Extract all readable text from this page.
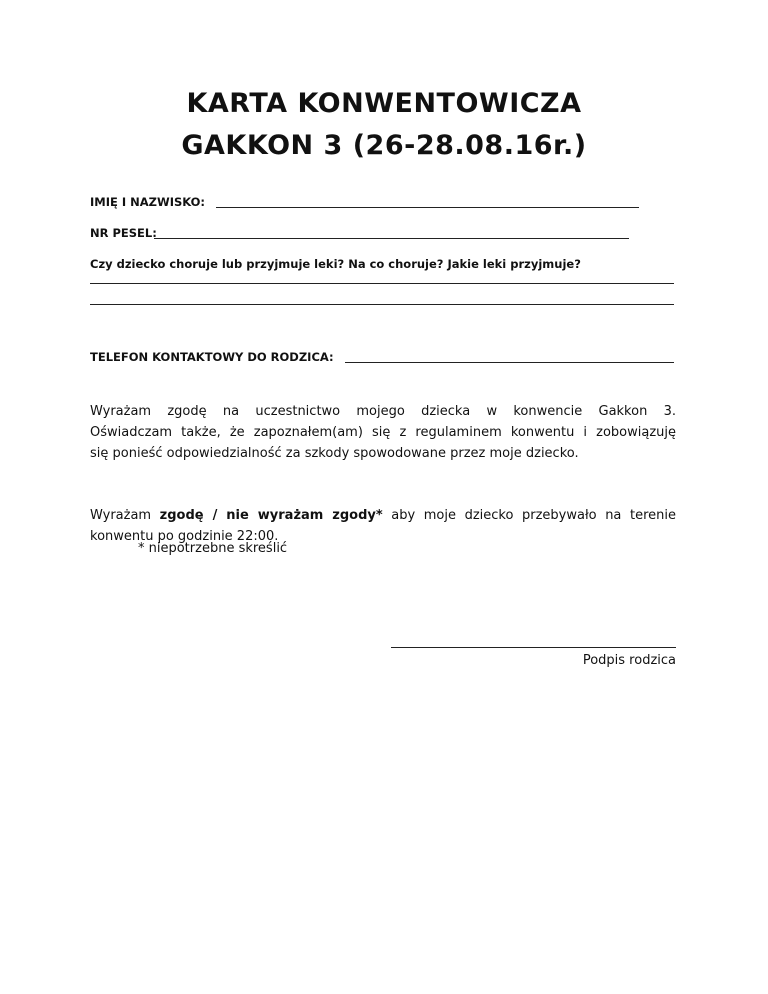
KARTA KONWENTOWICZA
GAKKON 3 (26-28.08.16r.)
IMIĘ I NAZWISKO:
NR PESEL:
Czy dziecko choruje lub przyjmuje leki? Na co choruje? Jakie leki przyjmuje?
TELEFON KONTAKTOWY DO RODZICA:
Wyrażam zgodę na uczestnictwo mojego dziecka w konwencie Gakkon 3.
Oświadczam także, że zapoznałem(am) się z regulaminem konwentu i zobowiązuję
się ponieść odpowiedzialność za szkody spowodowane przez moje dziecko.
Wyrażam zgodę / nie wyrażam zgody* aby moje dziecko przebywało na terenie
konwentu po godzinie 22:00.
* niepotrzebne skreślić
Podpis rodzica
